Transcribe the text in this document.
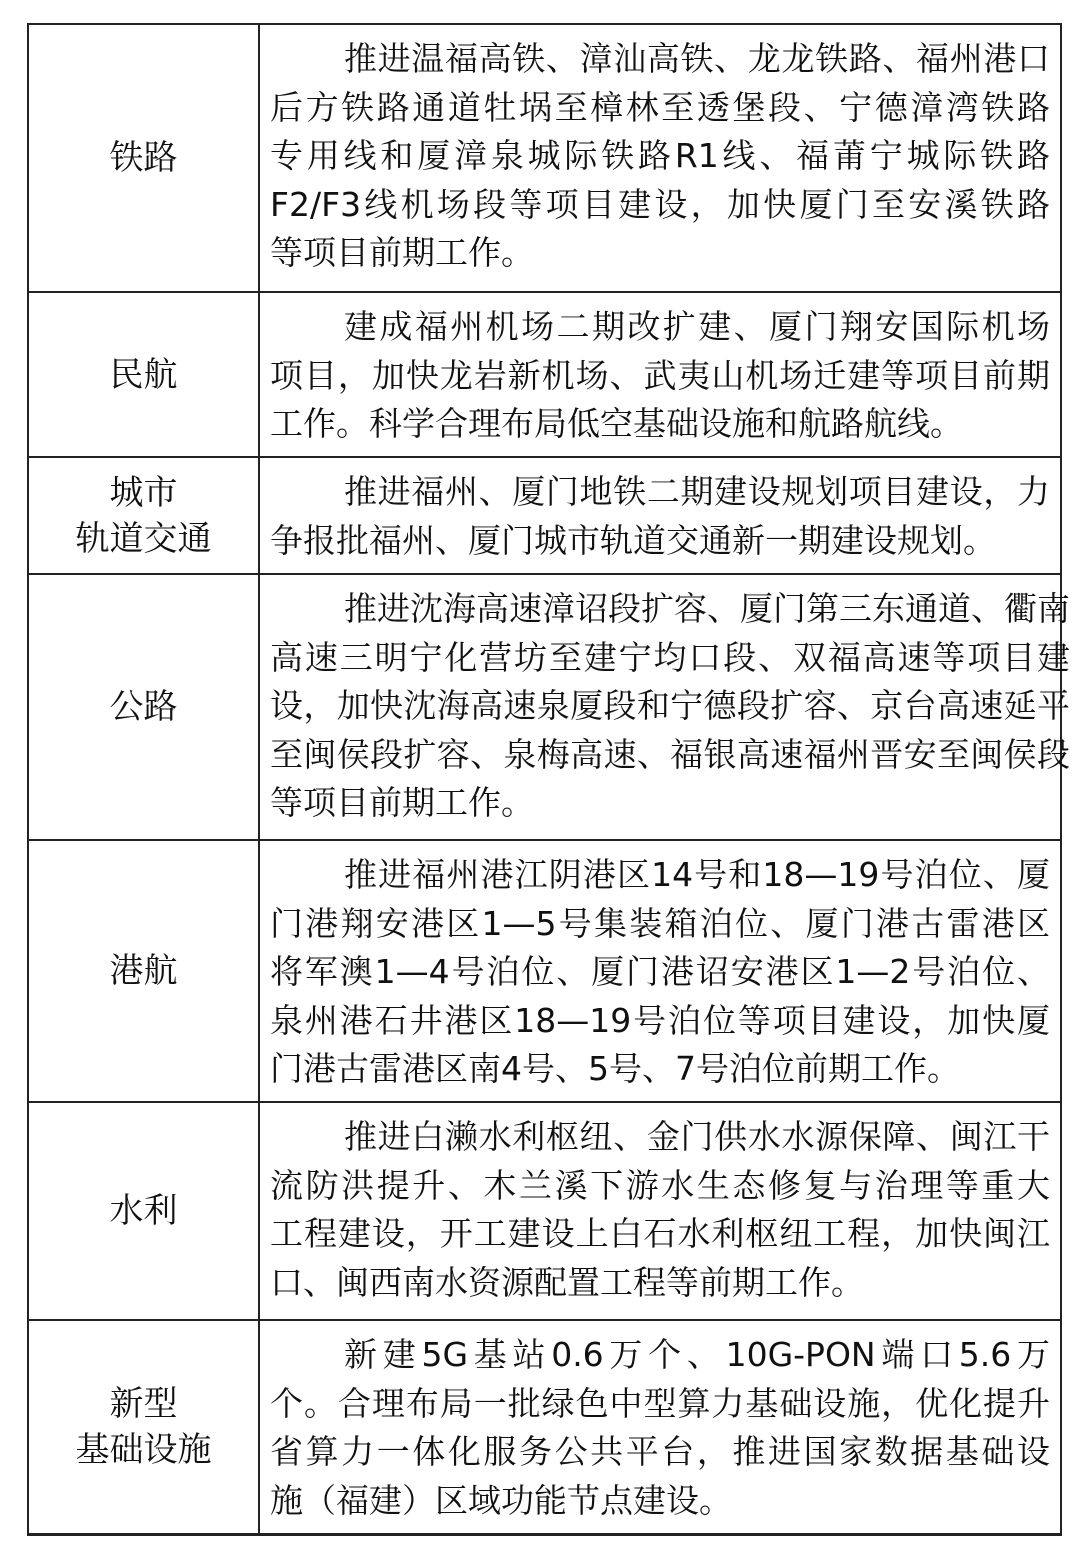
铁路
推进温福高铁、漳汕高铁、龙龙铁路、福州港口
后方铁路通道牡埚至樟林至透堡段、宁德漳湾铁路
专用线和厦漳泉城际铁路R1线、福莆宁城际铁路
F2/F3线机场段等项目建设，加快厦门至安溪铁路
等项目前期工作。
民航
建成福州机场二期改扩建、厦门翔安国际机场
项目，加快龙岩新机场、武夷山机场迁建等项目前期
工作。科学合理布局低空基础设施和航路航线。
城市
轨道交通
推进福州、厦门地铁二期建设规划项目建设，力
争报批福州、厦门城市轨道交通新一期建设规划。
公路
推进沈海高速漳诏段扩容、厦门第三东通道、衢南
高速三明宁化营坊至建宁均口段、双福高速等项目建
设，加快沈海高速泉厦段和宁德段扩容、京台高速延平
至闽侯段扩容、泉梅高速、福银高速福州晋安至闽侯段
等项目前期工作。
港航
推进福州港江阴港区14号和18—19号泊位、厦
门港翔安港区1—5号集装箱泊位、厦门港古雷港区
将军澳1—4号泊位、厦门港诏安港区1—2号泊位、
泉州港石井港区18—19号泊位等项目建设，加快厦
门港古雷港区南4号、5号、7号泊位前期工作。
水利
推进白濑水利枢纽、金门供水水源保障、闽江干
流防洪提升、木兰溪下游水生态修复与治理等重大
工程建设，开工建设上白石水利枢纽工程，加快闽江
口、闽西南水资源配置工程等前期工作。
新型
基础设施
新建5G基站0.6万个、10G-PON端口5.6万
个。合理布局一批绿色中型算力基础设施，优化提升
省算力一体化服务公共平台，推进国家数据基础设
施（福建）区域功能节点建设。
